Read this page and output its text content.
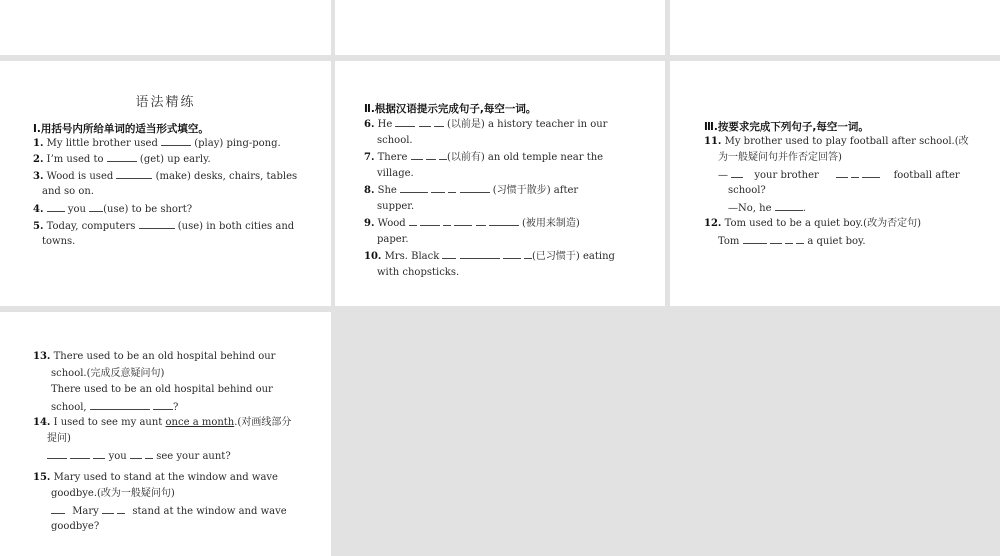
语法精练
Ⅰ.用括号内所给单词的适当形式填空。
1. My little brother used	(play) ping-pong.
2. I’m used to	(get) up early.
3. Wood is used	(make) desks, chairs, tables
and so on.
4. you (use) to be short?
5. Today, computers	(use) in both cities and
towns.
Ⅱ.根据汉语提示完成句子,每空一词。
6. He	(以前是) a history teacher in our
school.
7. There	(以前有) an old temple near the
village.
8. She	(习惯于散步) after
supper.
9. Wood	(被用来制造)
paper.
10. Mrs. Black	(已习惯于) eating
with chopsticks.
Ⅲ.按要求完成下列句子,每空一词。
11. My brother used to play football after school.(改
为一般疑问句并作否定回答)
—	your brother	football after
school?
—No, he	.
12. Tom used to be a quiet boy.(改为否定句)
Tom	a quiet boy.
13. There used to be an old hospital behind our
school.(完成反意疑问句)
There used to be an old hospital behind our
school,	?
14. I used to see my aunt once a month.(对画线部分
提问)
you	see your aunt?
15. Mary used to stand at the window and wave
goodbye.(改为一般疑问句)
Mary	stand at the window and wave
goodbye?
